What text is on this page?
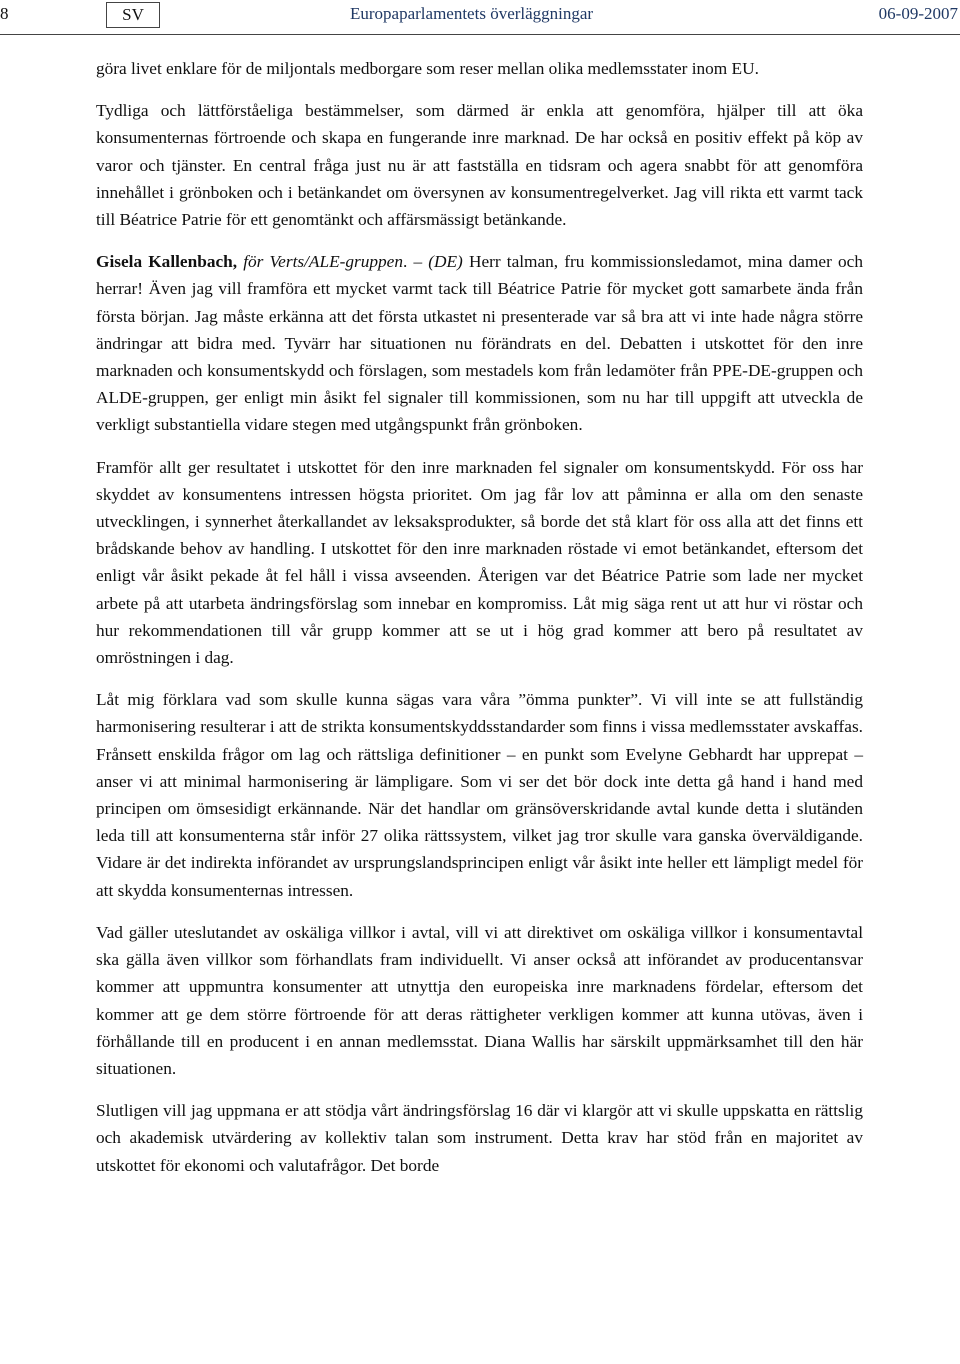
8	SV	Europaparlamentets överläggningar	06-09-2007

göra livet enklare för de miljontals medborgare som reser mellan olika medlemsstater inom EU.

Tydliga och lättförståeliga bestämmelser, som därmed är enkla att genomföra, hjälper till att öka konsumenternas förtroende och skapa en fungerande inre marknad. De har också en positiv effekt på köp av varor och tjänster. En central fråga just nu är att fastställa en tidsram och agera snabbt för att genomföra innehållet i grönboken och i betänkandet om översynen av konsumentregelverket. Jag vill rikta ett varmt tack till Béatrice Patrie för ett genomtänkt och affärsmässigt betänkande.

Gisela Kallenbach, för Verts/ALE-gruppen. – (DE) Herr talman, fru kommissionsledamot, mina damer och herrar! Även jag vill framföra ett mycket varmt tack till Béatrice Patrie för mycket gott samarbete ända från första början. Jag måste erkänna att det första utkastet ni presenterade var så bra att vi inte hade några större ändringar att bidra med. Tyvärr har situationen nu förändrats en del. Debatten i utskottet för den inre marknaden och konsumentskydd och förslagen, som mestadels kom från ledamöter från PPE-DE-gruppen och ALDE-gruppen, ger enligt min åsikt fel signaler till kommissionen, som nu har till uppgift att utveckla de verkligt substantiella vidare stegen med utgångspunkt från grönboken.

Framför allt ger resultatet i utskottet för den inre marknaden fel signaler om konsumentskydd. För oss har skyddet av konsumentens intressen högsta prioritet. Om jag får lov att påminna er alla om den senaste utvecklingen, i synnerhet återkallandet av leksaksprodukter, så borde det stå klart för oss alla att det finns ett brådskande behov av handling. I utskottet för den inre marknaden röstade vi emot betänkandet, eftersom det enligt vår åsikt pekade åt fel håll i vissa avseenden. Återigen var det Béatrice Patrie som lade ner mycket arbete på att utarbeta ändringsförslag som innebar en kompromiss. Låt mig säga rent ut att hur vi röstar och hur rekommendationen till vår grupp kommer att se ut i hög grad kommer att bero på resultatet av omröstningen i dag.

Låt mig förklara vad som skulle kunna sägas vara våra ”ömma punkter”. Vi vill inte se att fullständig harmonisering resulterar i att de strikta konsumentskyddsstandarder som finns i vissa medlemsstater avskaffas. Frånsett enskilda frågor om lag och rättsliga definitioner – en punkt som Evelyne Gebhardt har upprepat – anser vi att minimal harmonisering är lämpligare. Som vi ser det bör dock inte detta gå hand i hand med principen om ömsesidigt erkännande. När det handlar om gränsöverskridande avtal kunde detta i slutänden leda till att konsumenterna står inför 27 olika rättssystem, vilket jag tror skulle vara ganska överväldigande. Vidare är det indirekta införandet av ursprungslandsprincipen enligt vår åsikt inte heller ett lämpligt medel för att skydda konsumenternas intressen.

Vad gäller uteslutandet av oskäliga villkor i avtal, vill vi att direktivet om oskäliga villkor i konsumentavtal ska gälla även villkor som förhandlats fram individuellt. Vi anser också att införandet av producentansvar kommer att uppmuntra konsumenter att utnyttja den europeiska inre marknadens fördelar, eftersom det kommer att ge dem större förtroende för att deras rättigheter verkligen kommer att kunna utövas, även i förhållande till en producent i en annan medlemsstat. Diana Wallis har särskilt uppmärksamhet till den här situationen.

Slutligen vill jag uppmana er att stödja vårt ändringsförslag 16 där vi klargör att vi skulle uppskatta en rättslig och akademisk utvärdering av kollektiv talan som instrument. Detta krav har stöd från en majoritet av utskottet för ekonomi och valutafrågor. Det borde
